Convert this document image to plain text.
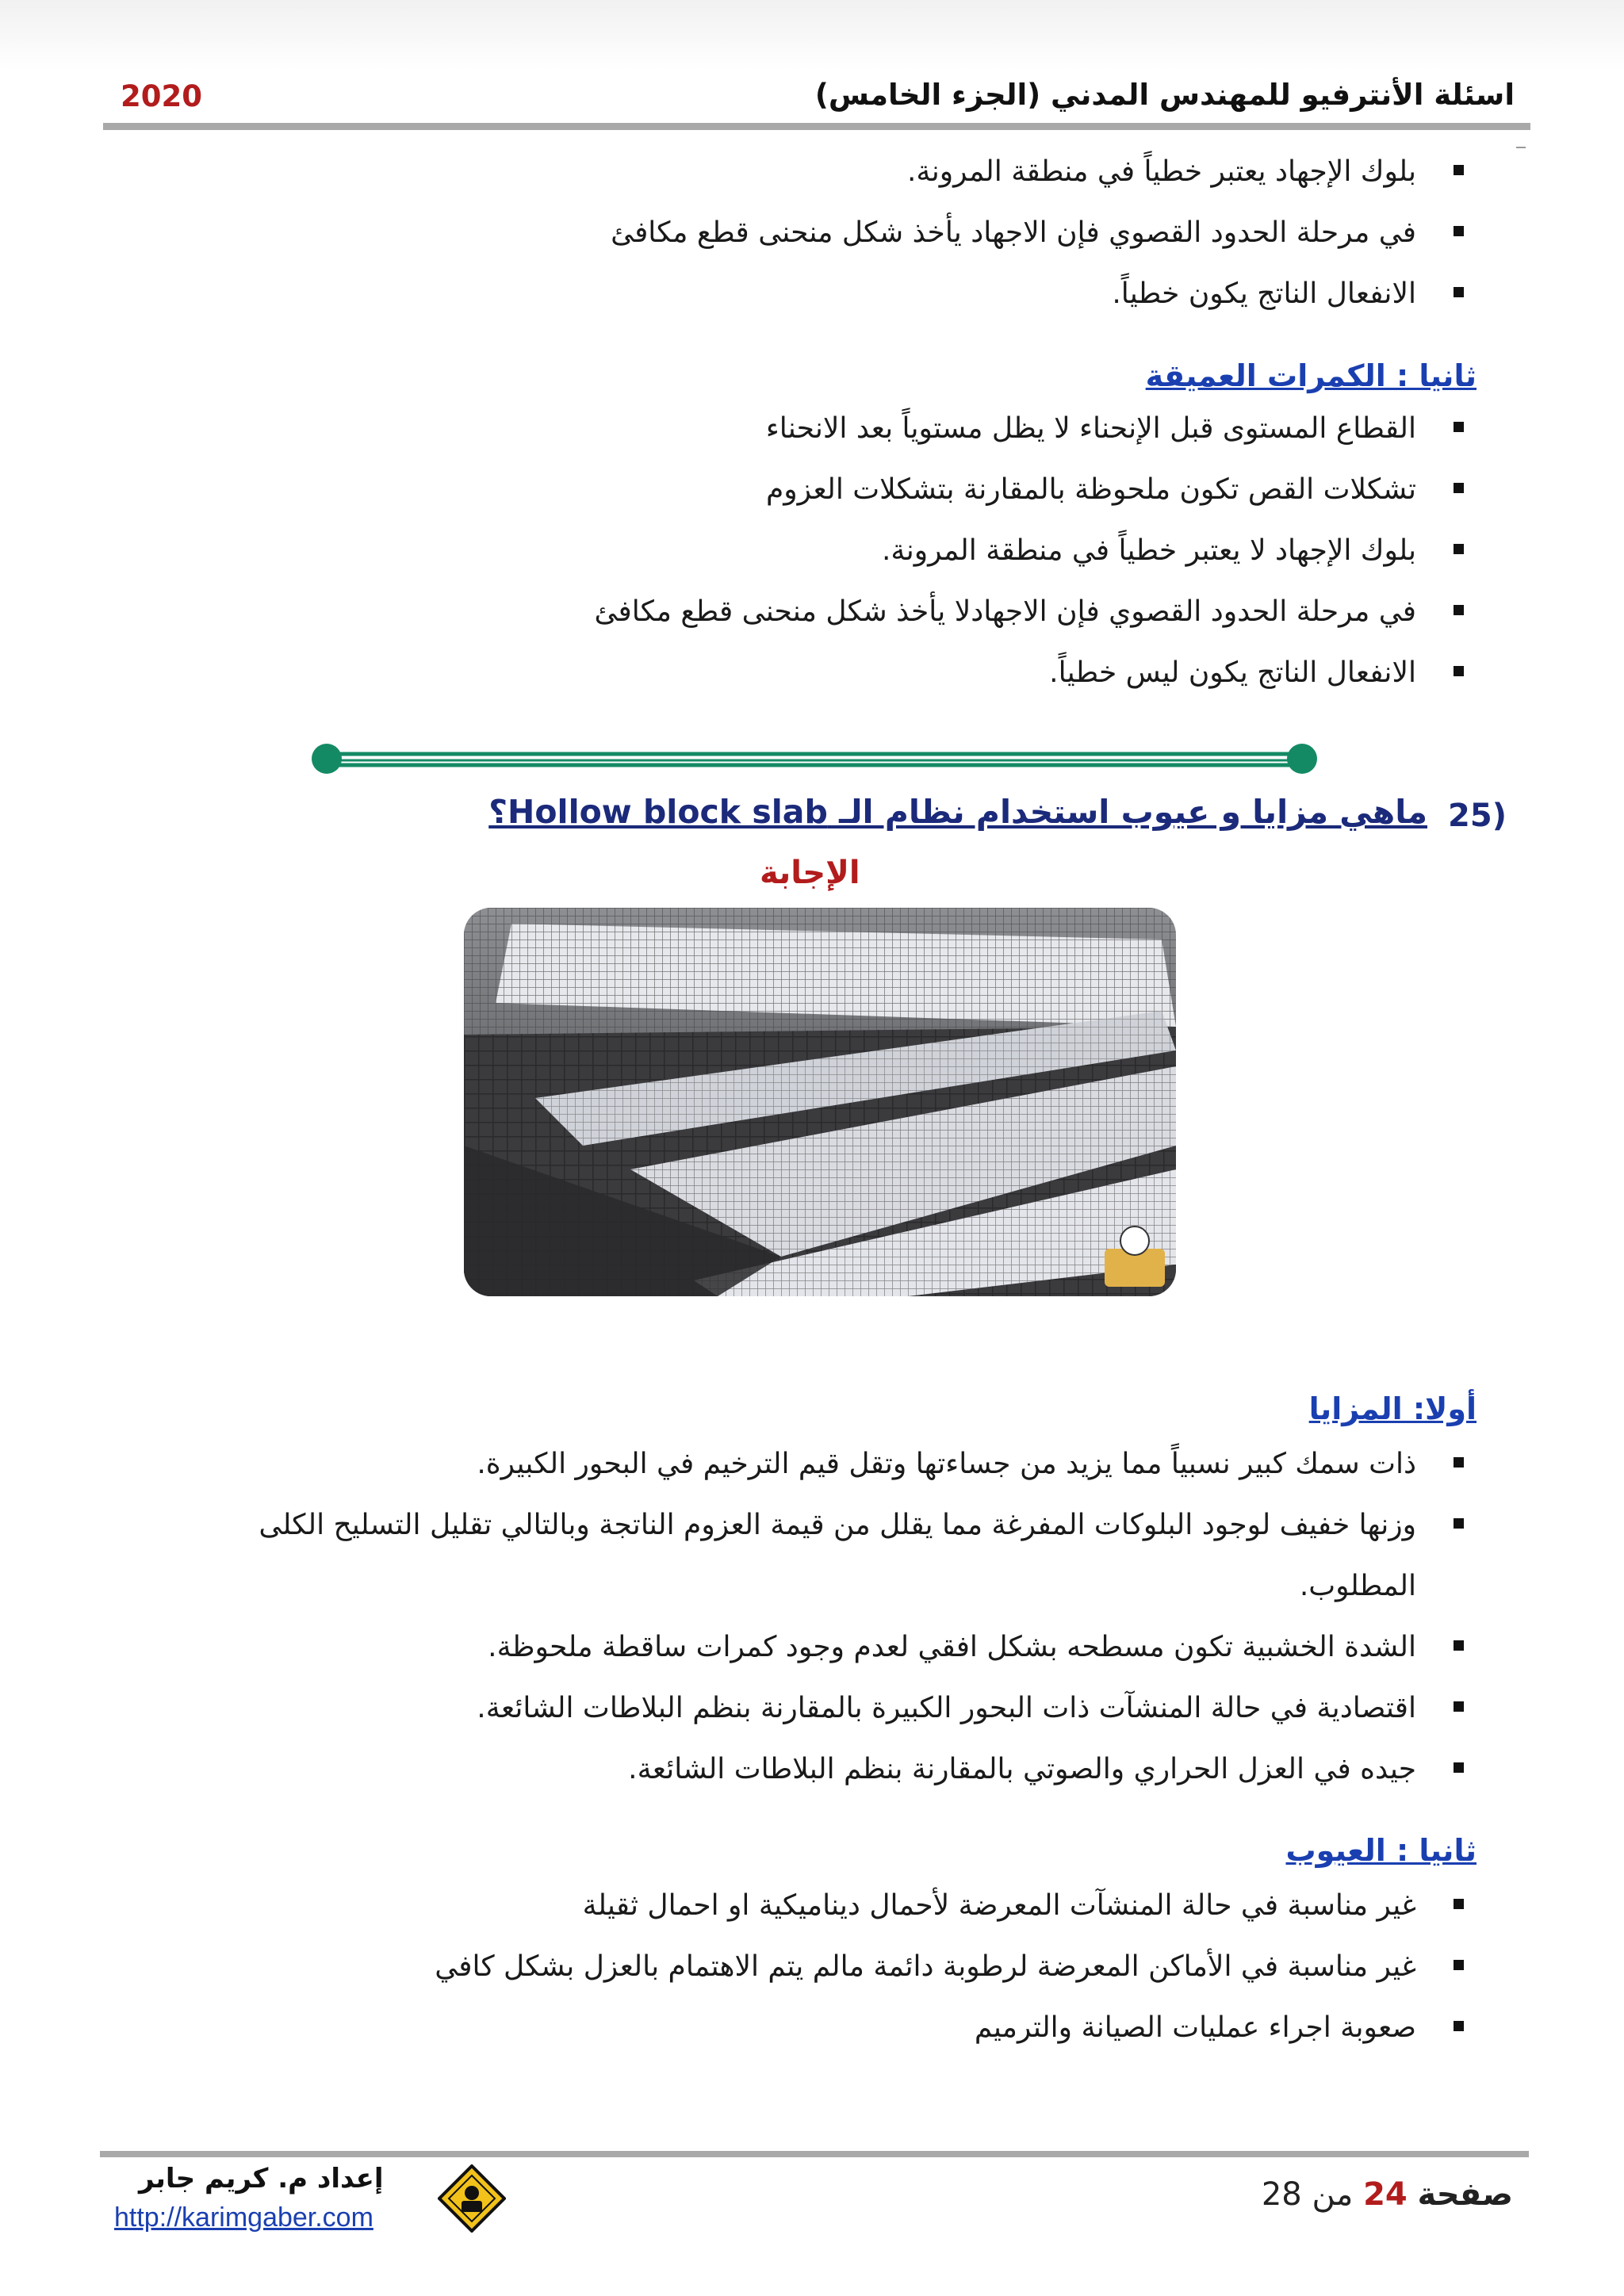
اسئلة الأنترفيو للمهندس المدني (الجزء الخامس)
2020
بلوك الإجهاد يعتبر خطياً في منطقة المرونة.
في مرحلة الحدود القصوي فإن الاجهاد يأخذ شكل منحنى قطع مكافئ
الانفعال الناتج يكون خطياً.
ثانيا : الكمرات العميقة
القطاع المستوى قبل الإنحناء لا يظل مستوياً بعد الانحناء
تشكلات القص تكون ملحوظة بالمقارنة بتشكلات العزوم
بلوك الإجهاد لا يعتبر خطياً في منطقة المرونة.
في مرحلة الحدود القصوي فإن الاجهادلا يأخذ شكل منحنى قطع مكافئ
الانفعال الناتج يكون ليس خطياً.
25)
ماهي مزايا و عيوب استخدام نظام الـ Hollow block slab؟
الإجابة
أولا: المزايا
ذات سمك كبير نسبياً مما يزيد من جساءتها وتقل قيم الترخيم في البحور الكبيرة.
وزنها خفيف لوجود البلوكات المفرغة مما يقلل من قيمة العزوم الناتجة وبالتالي تقليل التسليح الكلى المطلوب.
الشدة الخشبية تكون مسطحه بشكل افقي لعدم وجود كمرات ساقطة ملحوظة.
اقتصادية في حالة المنشآت ذات البحور الكبيرة بالمقارنة بنظم البلاطات الشائعة.
جيده في العزل الحراري والصوتي بالمقارنة بنظم البلاطات الشائعة.
ثانيا : العيوب
غير مناسبة في حالة المنشآت المعرضة لأحمال ديناميكية او احمال ثقيلة
غير مناسبة في الأماكن المعرضة لرطوبة دائمة مالم يتم الاهتمام بالعزل بشكل كافي
صعوبة اجراء عمليات الصيانة والترميم
إعداد م. كريم جابر
http://karimgaber.com
صفحة 24 من 28
